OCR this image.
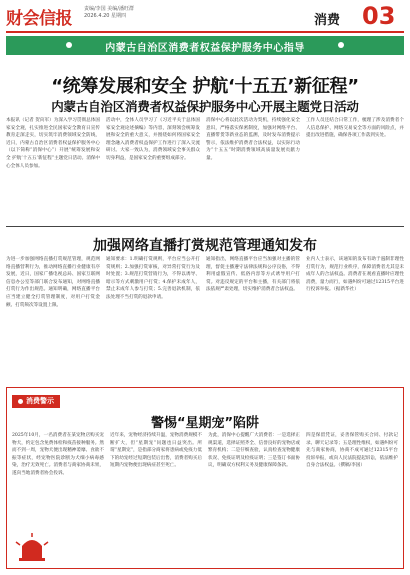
财会信报 责编/李国 美编/潘旺群
2026.4.20 星期四	消费 03
内蒙古自治区消费者权益保护服务中心指导
“统筹发展和安全 护航‘十五五’新征程”
内蒙古自治区消费者权益保护服务中心开展主题党日活动
本报讯（记者 贺向军）为深入学习贯彻总体国家安全观，扎实推进全民国家安全教育日宣传教育走深走实，切实筑牢消费领域安全防线，近日，内蒙古自治区消费者权益保护服务中心（以下简称“消保中心”）开展“统筹发展和安全 护航‘十五五’新征程”主题党日活动。消保中心全体人员参加。
活动中，全体人员学习了《习近平关于总体国家安全观论述摘编》等内容，深刻领会统筹发展和安全的重大意义，并围绕如何将国家安全理念融入消费者权益保护工作进行了深入交流研讨。大家一致认为，消费领域安全事关群众切身利益，是国家安全的重要组成部分。
消保中心将以此次活动为契机，持续强化安全意识，严格落实保密制度，加强对网络平台、直播带货等新业态的监测，及时发布消费提示警示，依法维护消费者合法权益，以实际行动为“十五五”时期消费领域高质量发展贡献力量。
工作人员还结合日常工作，梳理了涉及消费者个人信息保护、网络交易安全等方面的风险点，并提出改进措施，确保各项工作落到实处。
加强网络直播打赏规范管理通知发布
为进一步加强网络直播打赏规范管理，规范网络直播营利行为，推动网络直播行业健康有序发展，近日，国家广播电视总局、国家互联网信息办公室等部门联合发布通知，对网络直播打赏行为作出规范。通知明确，网络直播平台应当建立健全打赏管理制度，对用户打赏金额、打赏频次等设置上限。
通知要求：1.明确打赏规则，平台应当公开打赏规则；2.加强打赏审核，对异常打赏行为及时处置；3.规范打赏营销行为，不得以诱导、暗示等方式刺激用户打赏；4.保护未成年人，禁止未成年人参与打赏；5.完善退款机制，依法处理不当打赏的退款申请。
通知指出，网络直播平台应当加强对主播的管理，督促主播遵守法律法规和公序良俗，不得利用虚假宣传、低俗内容等方式诱导用户打赏。对违反规定的平台和主播，有关部门将依法依规严肃处理，切实维护消费者合法权益。
业内人士表示，该通知的发布有助于遏制非理性打赏行为，规范行业秩序，保障消费者尤其是未成年人的合法权益。消费者在观看直播时应理性消费，量力而行，如遇纠纷可通过12315平台进行投诉举报。（据新华社）
消费警示
警惕“星期宠”陷阱
2025年10月，一名消费者在某宠物店购买宠物犬，约定包含免费体检和疫苗接种服务。然而不到一周，宠物犬便出现精神萎靡、食欲不振等症状，经宠物医院诊断为犬细小病毒感染，治疗无效死亡。消费者与商家协商未果，遂向当地消费者协会投诉。
近年来，宠物经济持续升温，宠物消费规模不断扩大，但“星期宠”问题也日益突出。所谓“星期宠”，是指部分商家将患病或免疫力低下的幼宠经过短期包装后出售，消费者购买后短期内宠物便出现病症甚至死亡。
为此，消保中心提醒广大消费者：一是选择正规渠道，选择证照齐全、信誉良好的宠物店或繁育机构；二是仔细查验，认真检查宠物健康状况、免疫证明及检疫证明；三是签订书面协议，明确双方权利义务及健康保障条款。
四是保留凭证，妥善保管购买合同、付款记录、聊天记录等；五是理性维权，如遇纠纷可先与商家协商，协商不成可通过12315平台投诉举报，或向人民法院提起诉讼，依法维护自身合法权益。（撰稿/李国）
